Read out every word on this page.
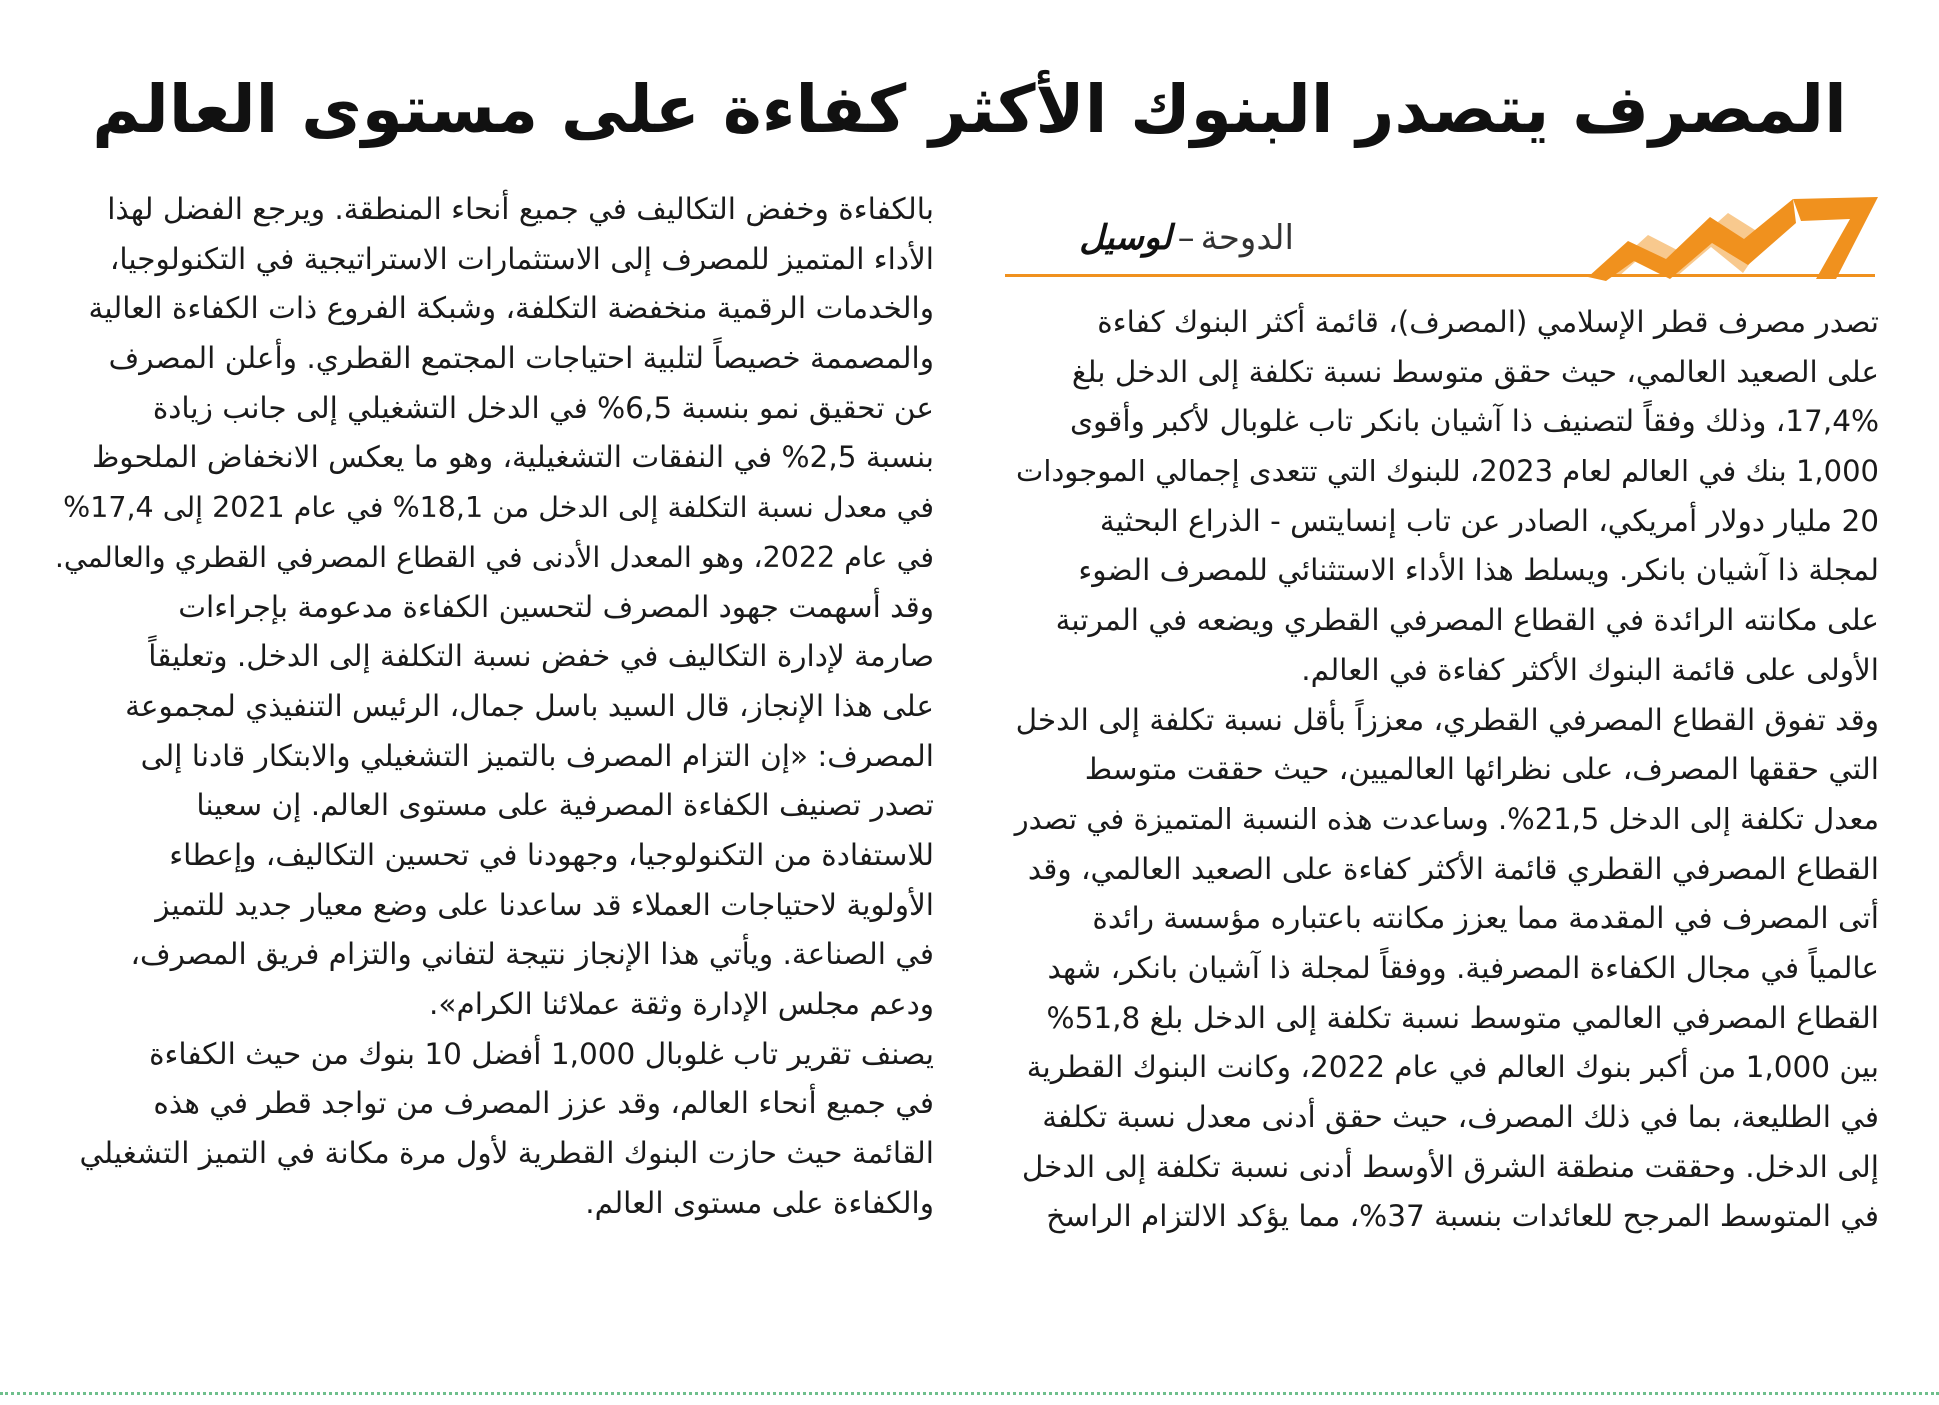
المصرف يتصدر البنوك الأكثر كفاءة على مستوى العالم
الدوحة–لوسيل
تصدر مصرف قطر الإسلامي (المصرف)، قائمة أكثر البنوك كفاءة
على الصعيد العالمي، حيث حقق متوسط نسبة تكلفة إلى الدخل بلغ
17,4%، وذلك وفقاً لتصنيف ذا آشيان بانكر تاب غلوبال لأكبر وأقوى
1,000 بنك في العالم لعام 2023، للبنوك التي تتعدى إجمالي الموجودات
20 مليار دولار أمريكي، الصادر عن تاب إنسايتس - الذراع البحثية
لمجلة ذا آشيان بانكر. ويسلط هذا الأداء الاستثنائي للمصرف الضوء
على مكانته الرائدة في القطاع المصرفي القطري ويضعه في المرتبة
الأولى على قائمة البنوك الأكثر كفاءة في العالم.
وقد تفوق القطاع المصرفي القطري، معززاً بأقل نسبة تكلفة إلى الدخل
التي حققها المصرف، على نظرائها العالميين، حيث حققت متوسط
معدل تكلفة إلى الدخل 21,5%. وساعدت هذه النسبة المتميزة في تصدر
القطاع المصرفي القطري قائمة الأكثر كفاءة على الصعيد العالمي، وقد
أتى المصرف في المقدمة مما يعزز مكانته باعتباره مؤسسة رائدة
عالمياً في مجال الكفاءة المصرفية. ووفقاً لمجلة ذا آشيان بانكر، شهد
القطاع المصرفي العالمي متوسط نسبة تكلفة إلى الدخل بلغ 51,8%
بين 1,000 من أكبر بنوك العالم في عام 2022، وكانت البنوك القطرية
في الطليعة، بما في ذلك المصرف، حيث حقق أدنى معدل نسبة تكلفة
إلى الدخل. وحققت منطقة الشرق الأوسط أدنى نسبة تكلفة إلى الدخل
في المتوسط المرجح للعائدات بنسبة 37%، مما يؤكد الالتزام الراسخ
بالكفاءة وخفض التكاليف في جميع أنحاء المنطقة. ويرجع الفضل لهذا
الأداء المتميز للمصرف إلى الاستثمارات الاستراتيجية في التكنولوجيا،
والخدمات الرقمية منخفضة التكلفة، وشبكة الفروع ذات الكفاءة العالية
والمصممة خصيصاً لتلبية احتياجات المجتمع القطري. وأعلن المصرف
عن تحقيق نمو بنسبة 6,5% في الدخل التشغيلي إلى جانب زيادة
بنسبة 2,5% في النفقات التشغيلية، وهو ما يعكس الانخفاض الملحوظ
في معدل نسبة التكلفة إلى الدخل من 18,1% في عام 2021 إلى 17,4%
في عام 2022، وهو المعدل الأدنى في القطاع المصرفي القطري والعالمي.
وقد أسهمت جهود المصرف لتحسين الكفاءة مدعومة بإجراءات
صارمة لإدارة التكاليف في خفض نسبة التكلفة إلى الدخل. وتعليقاً
على هذا الإنجاز، قال السيد باسل جمال، الرئيس التنفيذي لمجموعة
المصرف: «إن التزام المصرف بالتميز التشغيلي والابتكار قادنا إلى
تصدر تصنيف الكفاءة المصرفية على مستوى العالم. إن سعينا
للاستفادة من التكنولوجيا، وجهودنا في تحسين التكاليف، وإعطاء
الأولوية لاحتياجات العملاء قد ساعدنا على وضع معيار جديد للتميز
في الصناعة. ويأتي هذا الإنجاز نتيجة لتفاني والتزام فريق المصرف،
ودعم مجلس الإدارة وثقة عملائنا الكرام».
يصنف تقرير تاب غلوبال 1,000 أفضل 10 بنوك من حيث الكفاءة
في جميع أنحاء العالم، وقد عزز المصرف من تواجد قطر في هذه
القائمة حيث حازت البنوك القطرية لأول مرة مكانة في التميز التشغيلي
والكفاءة على مستوى العالم.
